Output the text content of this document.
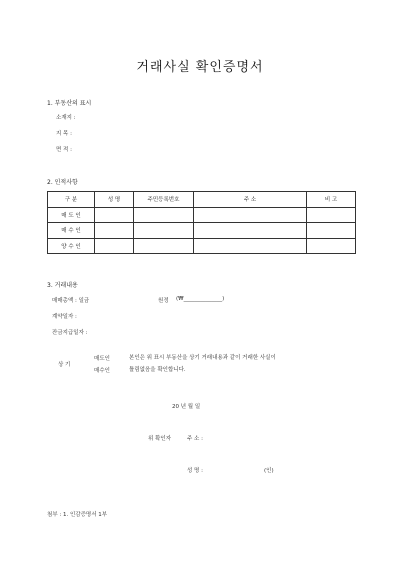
거래사실 확인증명서
1. 부동산의 표시
소재지 :
지 목 :
면 적 :
2. 인적사항
구 분	성 명	주민등록번호	주 소	비 고
매 도 인				
매 수 인				
양 수 인				
3. 거래내용
매매총액 : 일금	원정 (₩______________)
계약일자 :
잔금지급일자 :
상 기
매도인
매수인
본인은 위 표시 부동산을 상기 거래내용과 같이 거래한 사실이
틀림없음을 확인합니다.
20 년 월 일
위 확인자	주 소 :
성 명 :	(인)
첨부 : 1. 인감증명서 1부
